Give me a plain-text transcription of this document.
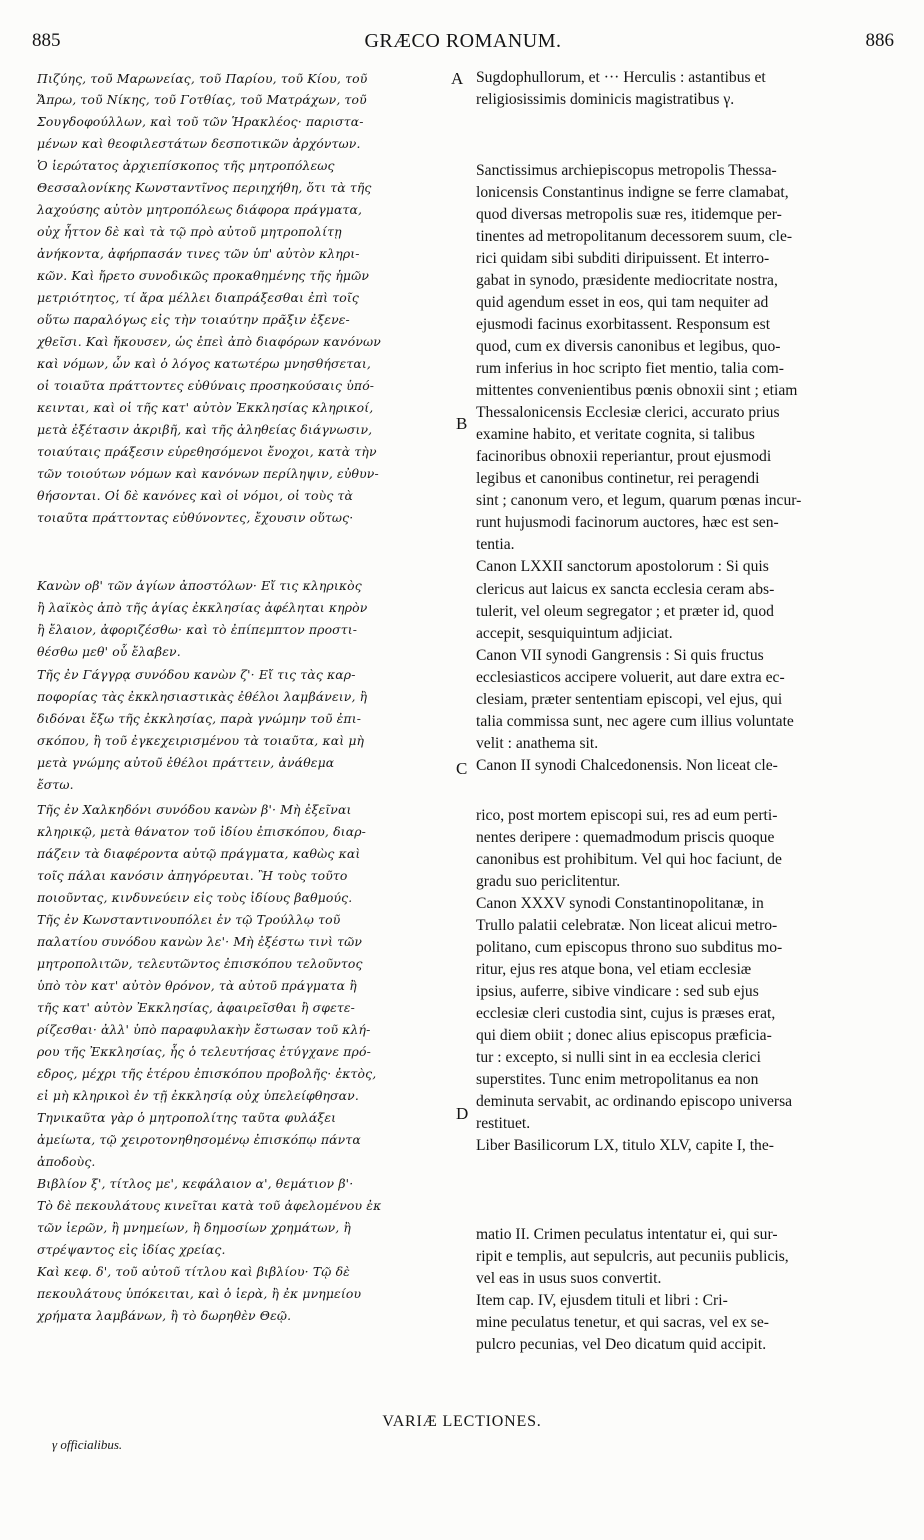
885	GRÆCO ROMANUM.	886
Πιζύης, τοῦ Μαρωνείας, τοῦ Παρίου, τοῦ Κίου, τοῦ
Ἄπρω, τοῦ Νίκης, τοῦ Γοτθίας, τοῦ Ματράχων, τοῦ
Σουγδοφούλλων, καὶ τοῦ τῶν Ἡρακλέος· παριστα-
μένων καὶ θεοφιλεστάτων δεσποτικῶν ἀρχόντων.
Ὁ ἱερώτατος ἀρχιεπίσκοπος τῆς μητροπόλεως
Θεσσαλονίκης Κωνσταντῖνος περιηχήθη, ὅτι τὰ τῆς
λαχούσης αὐτὸν μητροπόλεως διάφορα πράγματα,
οὐχ ἧττον δὲ καὶ τὰ τῷ πρὸ αὐτοῦ μητροπολίτῃ
ἀνήκοντα, ἀφήρπασάν τινες τῶν ὑπ' αὐτὸν κληρι-
κῶν. Καὶ ἤρετο συνοδικῶς προκαθημένης τῆς ἡμῶν
μετριότητος, τί ἄρα μέλλει διαπράξεσθαι ἐπὶ τοῖς
οὕτω παραλόγως εἰς τὴν τοιαύτην πρᾶξιν ἐξενε-
χθεῖσι. Καὶ ἤκουσεν, ὡς ἐπεὶ ἀπὸ διαφόρων κανόνων
καὶ νόμων, ὧν καὶ ὁ λόγος κατωτέρω μνησθήσεται,
οἱ τοιαῦτα πράττοντες εὐθύναις προσηκούσαις ὑπό-
κεινται, καὶ οἱ τῆς κατ' αὐτὸν Ἐκκλησίας κληρικοί,
μετὰ ἐξέτασιν ἀκριβῆ, καὶ τῆς ἀληθείας διάγνωσιν,
τοιαύταις πράξεσιν εὑρεθησόμενοι ἔνοχοι, κατὰ τὴν
τῶν τοιούτων νόμων καὶ κανόνων περίληψιν, εὐθυν-
θήσονται. Οἱ δὲ κανόνες καὶ οἱ νόμοι, οἱ τοὺς τὰ
τοιαῦτα πράττοντας εὐθύνοντες, ἔχουσιν οὕτως·
Κανὼν οβ' τῶν ἁγίων ἀποστόλων· Εἴ τις κληρικὸς
ἢ λαϊκὸς ἀπὸ τῆς ἁγίας ἐκκλησίας ἀφέληται κηρὸν
ἢ ἔλαιον, ἀφοριζέσθω· καὶ τὸ ἐπίπεμπτον προστι-
θέσθω μεθ' οὗ ἔλαβεν.
Τῆς ἐν Γάγγρᾳ συνόδου κανὼν ζ'· Εἴ τις τὰς καρ-
ποφορίας τὰς ἐκκλησιαστικὰς ἐθέλοι λαμβάνειν, ἢ
διδόναι ἔξω τῆς ἐκκλησίας, παρὰ γνώμην τοῦ ἐπι-
σκόπου, ἢ τοῦ ἐγκεχειρισμένου τὰ τοιαῦτα, καὶ μὴ
μετὰ γνώμης αὐτοῦ ἐθέλοι πράττειν, ἀνάθεμα
ἔστω.
Τῆς ἐν Χαλκηδόνι συνόδου κανὼν β'· Μὴ ἐξεῖναι
κληρικῷ, μετὰ θάνατον τοῦ ἰδίου ἐπισκόπου, διαρ-
πάζειν τὰ διαφέροντα αὐτῷ πράγματα, καθὼς καὶ
τοῖς πάλαι κανόσιν ἀπηγόρευται. Ἢ τοὺς τοῦτο
ποιοῦντας, κινδυνεύειν εἰς τοὺς ἰδίους βαθμούς.
Τῆς ἐν Κωνσταντινουπόλει ἐν τῷ Τρούλλῳ τοῦ
παλατίου συνόδου κανὼν λε'· Μὴ ἐξέστω τινὶ τῶν
μητροπολιτῶν, τελευτῶντος ἐπισκόπου τελοῦντος
ὑπὸ τὸν κατ' αὐτὸν θρόνον, τὰ αὐτοῦ πράγματα ἢ
τῆς κατ' αὐτὸν Ἐκκλησίας, ἀφαιρεῖσθαι ἢ σφετε-
ρίζεσθαι· ἀλλ' ὑπὸ παραφυλακὴν ἔστωσαν τοῦ κλή-
ρου τῆς Ἐκκλησίας, ἧς ὁ τελευτήσας ἐτύγχανε πρό-
εδρος, μέχρι τῆς ἑτέρου ἐπισκόπου προβολῆς· ἐκτὸς,
εἰ μὴ κληρικοὶ ἐν τῇ ἐκκλησίᾳ οὐχ ὑπελείφθησαν.
Τηνικαῦτα γὰρ ὁ μητροπολίτης ταῦτα φυλάξει
ἀμείωτα, τῷ χειροτονηθησομένῳ ἐπισκόπῳ πάντα
ἀποδοὺς.
Βιβλίον ξ', τίτλος με', κεφάλαιον α', θεμάτιον β'·
Τὸ δὲ πεκουλάτους κινεῖται κατὰ τοῦ ἀφελομένου ἐκ
τῶν ἱερῶν, ἢ μνημείων, ἢ δημοσίων χρημάτων, ἢ
στρέψαντος εἰς ἰδίας χρείας.
Καὶ κεφ. δ', τοῦ αὐτοῦ τίτλου καὶ βιβλίου· Τῷ δὲ
πεκουλάτους ὑπόκειται, καὶ ὁ ἱερὰ, ἢ ἐκ μνημείου
χρήματα λαμβάνων, ἢ τὸ δωρηθὲν Θεῷ.
Sugdophullorum, et ··· Herculis : astantibus et
religiosissimis dominicis magistratibus γ.
Sanctissimus archiepiscopus metropolis Thessa-
lonicensis Constantinus indigne se ferre clamabat,
quod diversas metropolis suæ res, itidemque per-
tinentes ad metropolitanum decessorem suum, cle-
rici quidam sibi subditi diripuissent. Et interro-
gabat in synodo, præsidente mediocritate nostra,
quid agendum esset in eos, qui tam nequiter ad
ejusmodi facinus exorbitassent. Responsum est
quod, cum ex diversis canonibus et legibus, quo-
rum inferius in hoc scripto fiet mentio, talia com-
mittentes convenientibus pœnis obnoxii sint ; etiam
Thessalonicensis Ecclesiæ clerici, accurato prius
examine habito, et veritate cognita, si talibus
facinoribus obnoxii reperiantur, prout ejusmodi
legibus et canonibus continetur, rei peragendi
sint ; canonum vero, et legum, quarum pœnas incur-
runt hujusmodi facinorum auctores, hæc est sen-
tentia.
Canon LXXII sanctorum apostolorum : Si quis
clericus aut laicus ex sancta ecclesia ceram abs-
tulerit, vel oleum segregator ; et præter id, quod
accepit, sesquiquintum adjiciat.
Canon VII synodi Gangrensis : Si quis fructus
ecclesiasticos accipere voluerit, aut dare extra ec-
clesiam, præter sententiam episcopi, vel ejus, qui
talia commissa sunt, nec agere cum illius voluntate
velit : anathema sit.
Canon II synodi Chalcedonensis. Non liceat cle-
rico, post mortem episcopi sui, res ad eum perti-
nentes deripere : quemadmodum priscis quoque
canonibus est prohibitum. Vel qui hoc faciunt, de
gradu suo periclitentur.
Canon XXXV synodi Constantinopolitanæ, in
Trullo palatii celebratæ. Non liceat alicui metro-
politano, cum episcopus throno suo subditus mo-
ritur, ejus res atque bona, vel etiam ecclesiæ
ipsius, auferre, sibive vindicare : sed sub ejus
ecclesiæ cleri custodia sint, cujus is præses erat,
qui diem obiit ; donec alius episcopus præficia-
tur : excepto, si nulli sint in ea ecclesia clerici
superstites. Tunc enim metropolitanus ea non
deminuta servabit, ac ordinando episcopo universa
restituet.
Liber Basilicorum LX, titulo XLV, capite I, the-
matio II. Crimen peculatus intentatur ei, qui sur-
ripit e templis, aut sepulcris, aut pecuniis publicis,
vel eas in usus suos convertit.
Item cap. IV, ejusdem tituli et libri : Cri-
mine peculatus tenetur, et qui sacras, vel ex se-
pulcro pecunias, vel Deo dicatum quid accipit.
A
B
C
D
VARIÆ LECTIONES.
γ officialibus.
